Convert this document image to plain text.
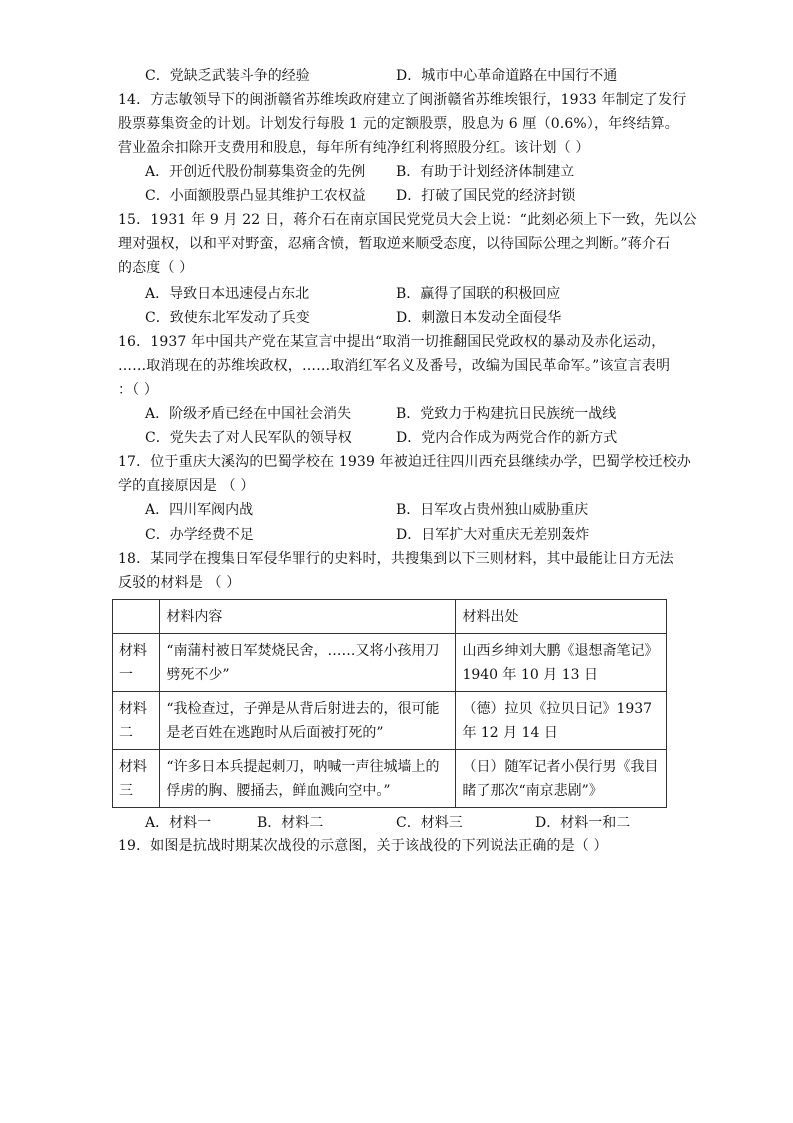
C．党缺乏武装斗争的经验	D．城市中心革命道路在中国行不通
14．方志敏领导下的闽浙赣省苏维埃政府建立了闽浙赣省苏维埃银行，1933 年制定了发行
股票募集资金的计划。计划发行每股 1 元的定额股票，股息为 6 厘（0.6%），年终结算。
营业盈余扣除开支费用和股息，每年所有纯净红利将照股分红。该计划（ ）
A．开创近代股份制募集资金的先例 B．有助于计划经济体制建立
C．小面额股票凸显其维护工农权益 D．打破了国民党的经济封锁
15．1931 年 9 月 22 日，蒋介石在南京国民党党员大会上说：“此刻必须上下一致，先以公
理对强权，以和平对野蛮，忍痛含愤，暂取逆来顺受态度，以待国际公理之判断。”蒋介石
的态度（ ）
A．导致日本迅速侵占东北	B．赢得了国联的积极回应
C．致使东北军发动了兵变	D．刺激日本发动全面侵华
16．1937 年中国共产党在某宣言中提出“取消一切推翻国民党政权的暴动及赤化运动，
……取消现在的苏维埃政权，……取消红军名义及番号，改编为国民革命军。”该宣言表明
：（ ）
A．阶级矛盾已经在中国社会消失	B．党致力于构建抗日民族统一战线
C．党失去了对人民军队的领导权	D．党内合作成为两党合作的新方式
17．位于重庆大溪沟的巴蜀学校在 1939 年被迫迁往四川西充县继续办学，巴蜀学校迁校办
学的直接原因是 （ ）
A．四川军阀内战	B．日军攻占贵州独山威胁重庆
C．办学经费不足	D．日军扩大对重庆无差别轰炸
18．某同学在搜集日军侵华罪行的史料时，共搜集到以下三则材料，其中最能让日方无法
反驳的材料是 （ ）
	材料内容	材料出处
材料一	“南蒲村被日军焚烧民舍，……又将小孩用刀劈死不少”	山西乡绅刘大鹏《退想斋笔记》1940 年 10 月 13 日
材料二	“我检查过，子弹是从背后射进去的，很可能是老百姓在逃跑时从后面被打死的”	（德）拉贝《拉贝日记》1937 年 12 月 14 日
材料三	“许多日本兵提起刺刀，呐喊一声往城墙上的俘虏的胸、腰捅去，鲜血溅向空中。”	（日）随军记者小俣行男《我目睹了那次“南京悲剧”》
A．材料一	B．材料二	C．材料三	D．材料一和二
19．如图是抗战时期某次战役的示意图，关于该战役的下列说法正确的是（ ）
